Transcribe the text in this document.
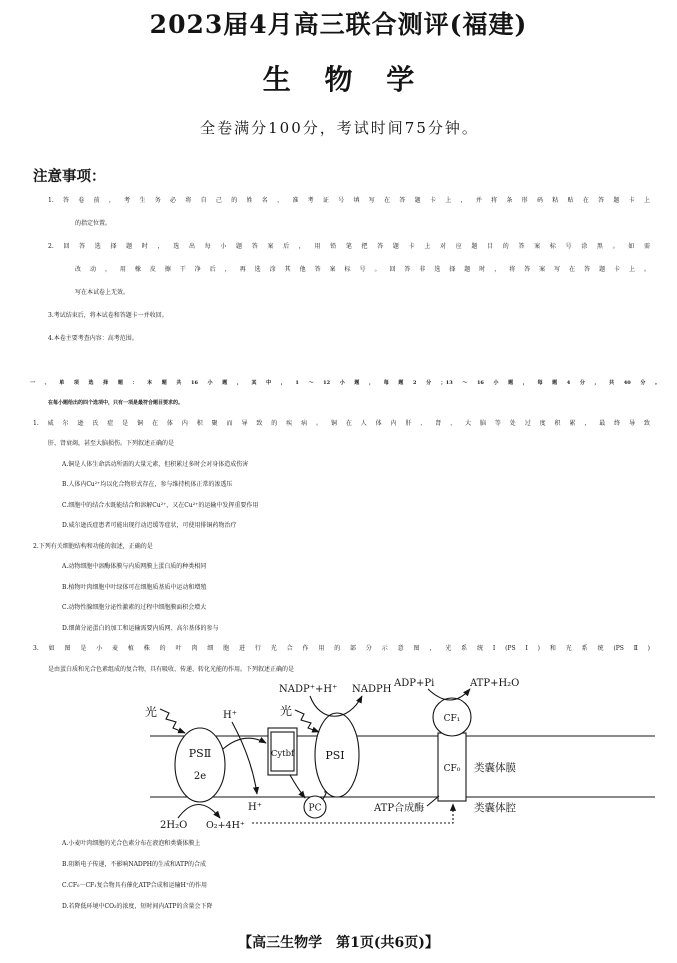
2023届4月高三联合测评(福建)
生 物 学
全卷满分100分，考试时间75分钟。
注意事项：
1.答卷前，考生务必将自己的姓名、准考证号填写在答题卡上，并将条形码粘贴在答题卡上
的指定位置。
2.回答选择题时，选出每小题答案后，用铅笔把答题卡上对应题目的答案标号涂黑。如需
改动，用橡皮擦干净后，再选涂其他答案标号。回答非选择题时，将答案写在答题卡上。
写在本试卷上无效。
3.考试结束后，将本试卷和答题卡一并收回。
4.本卷主要考查内容：高考范围。
一、单项选择题：本题共16小题，其中，1～12小题，每题2分；13～16小题，每题4分，共40分。
在每小题给出的四个选项中，只有一项是最符合题目要求的。
1.威尔逊氏症是铜在体内积聚而导致的疾病。铜在人体内肝、肾、大脑等处过度积累，最终导致
肝、肾衰竭，甚至大脑损伤。下列叙述正确的是
A.铜是人体生命活动所需的大量元素，但积累过多时会对身体造成伤害
B.人体内Cu²⁺均以化合物形式存在，参与维持机体正常的渗透压
C.细胞中的结合水既能结合和溶解Cu²⁺，又在Cu²⁺的运输中发挥重要作用
D.威尔逊氏症患者可能出现行动迟缓等症状，可使用排铜药物治疗
2.下列有关细胞结构和功能的叙述，正确的是
A.动物细胞中溶酶体膜与内质网膜上蛋白质的种类相同
B.植物叶肉细胞中叶绿体可在细胞质基质中运动和增殖
C.动物性腺细胞分泌性激素的过程中细胞膜面积会增大
D.细菌分泌蛋白的加工和运输需要内质网、高尔基体的参与
3.如图是小麦植株的叶肉细胞进行光合作用的部分示意图，光系统Ⅰ(PSⅠ)和光系统(PSⅡ)
是由蛋白质和光合色素组成的复合物，具有吸收、传递、转化光能的作用。下列叙述正确的是
2H₂O O₂+4H⁺
PSⅡ
2e
光	H⁺
H⁺
Cytbf
PC
PSⅠ
光
NADP⁺+H⁺ NADPH
CF₁
CF₀
ADP+Pi	ATP+H₂O
类囊体膜
ATP合成酶	类囊体腔
A.小麦叶肉细胞的光合色素分布在液泡和类囊体膜上
B.阻断电子传递，不影响NADPH的生成和ATP的合成
C.CF₀－CF₁复合物具有催化ATP合成和运输H⁺的作用
D.若降低环境中CO₂的浓度，短时间内ATP的含量会下降
【高三生物学　第1页(共6页)】
